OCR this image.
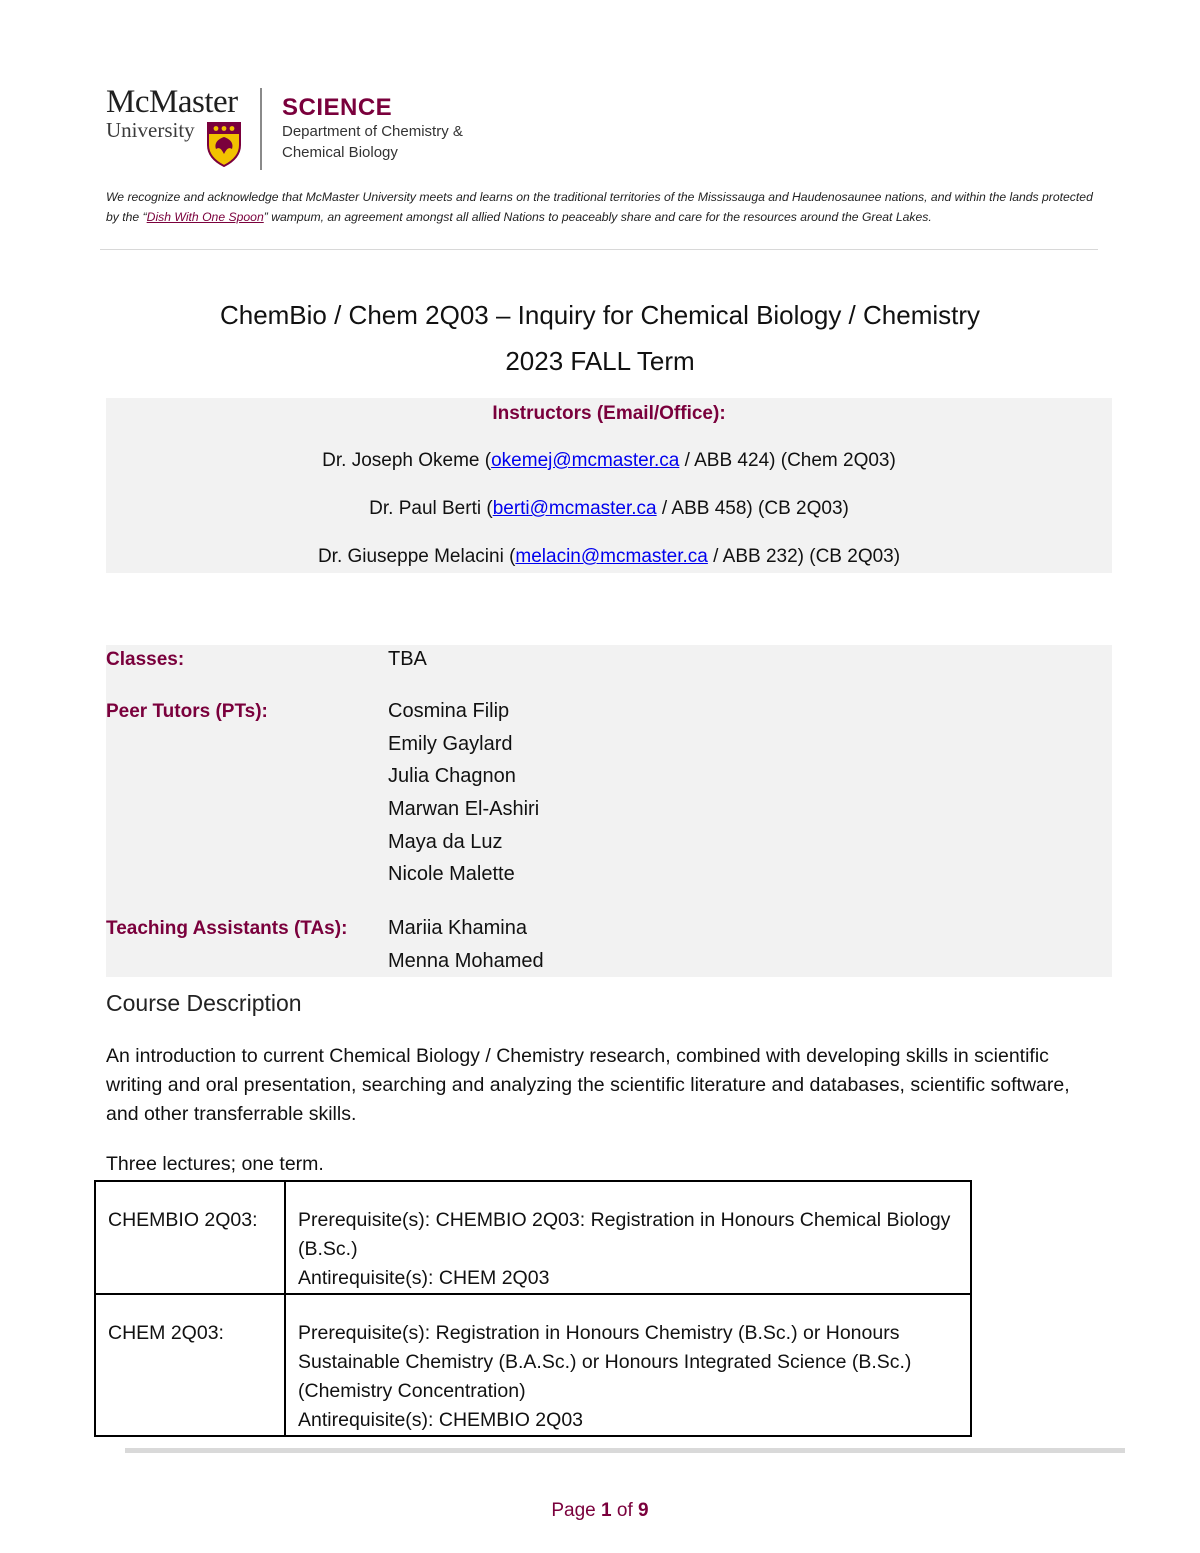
McMaster
University
SCIENCE
Department of Chemistry &
Chemical Biology
We recognize and acknowledge that McMaster University meets and learns on the traditional territories of the Mississauga and Haudenosaunee nations, and within the lands protected by the “Dish With One Spoon” wampum, an agreement amongst all allied Nations to peaceably share and care for the resources around the Great Lakes.
ChemBio / Chem 2Q03 – Inquiry for Chemical Biology / Chemistry
2023 FALL Term
Instructors (Email/Office):
Dr. Joseph Okeme (okemej@mcmaster.ca / ABB 424) (Chem 2Q03)
Dr. Paul Berti (berti@mcmaster.ca / ABB 458) (CB 2Q03)
Dr. Giuseppe Melacini (melacin@mcmaster.ca / ABB 232) (CB 2Q03)
Classes:	TBA
Peer Tutors (PTs):	Cosmina Filip
Emily Gaylard
Julia Chagnon
Marwan El-Ashiri
Maya da Luz
Nicole Malette
Teaching Assistants (TAs): Mariia Khamina
Menna Mohamed
Course Description
An introduction to current Chemical Biology / Chemistry research, combined with developing skills in scientific writing and oral presentation, searching and analyzing the scientific literature and databases, scientific software, and other transferrable skills.
Three lectures; one term.
CHEMBIO 2Q03:	Prerequisite(s): CHEMBIO 2Q03: Registration in Honours Chemical Biology (B.Sc.)
Antirequisite(s): CHEM 2Q03

CHEM 2Q03:	Prerequisite(s): Registration in Honours Chemistry (B.Sc.) or Honours Sustainable Chemistry (B.A.Sc.) or Honours Integrated Science (B.Sc.) (Chemistry Concentration)
Antirequisite(s): CHEMBIO 2Q03
Page 1 of 9
